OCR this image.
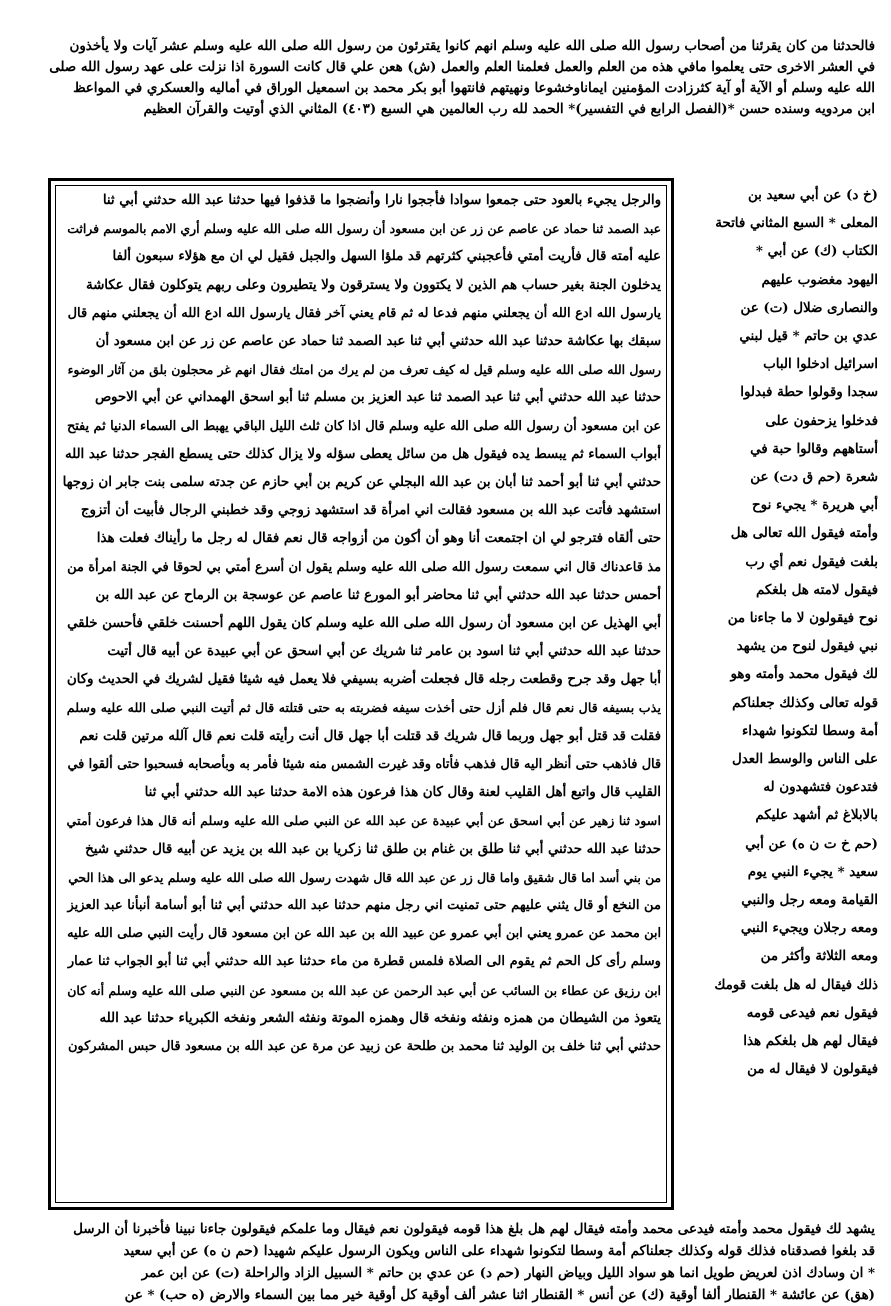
فالحدثنا من كان يقرئنا من أصحاب رسول الله صلى الله عليه وسلم انهم كانوا يقترئون من رسول الله صلى الله عليه وسلم عشر آيات ولا يأخذون
في العشر الاخرى حتى يعلموا مافي هذه من العلم والعمل فعلمنا العلم والعمل (ش) هعن علي قال كانت السورة اذا نزلت على عهد رسول الله صلى
الله عليه وسلم أو الآية أو آية كثرزادت المؤمنين ايماناوخشوعا ونهيتهم فانتهوا أبو بكر محمد بن اسمعيل الوراق في أماليه والعسكري في المواعظ
ابن مردويه وسنده حسن *(الفصل الرابع في التفسير)* الحمد لله رب العالمين هي السبع (٤٠٣) المثاني الذي أوتيت والقرآن العظيم
والرجل يجيء بالعود حتى جمعوا سوادا فأججوا نارا وأنضجوا ما قذفوا فيها حدثنا عبد الله حدثني أبي ثنا
عبد الصمد ثنا حماد عن عاصم عن زر عن ابن مسعود أن رسول الله صلى الله عليه وسلم أري الامم بالموسم فراثت
عليه أمته قال فأريت أمتي فأعجبني كثرتهم قد ملؤا السهل والجبل فقيل لي ان مع هؤلاء سبعون ألفا
يدخلون الجنة بغير حساب هم الذين لا يكتوون ولا يسترقون ولا يتطيرون وعلى ربهم يتوكلون فقال عكاشة
يارسول الله ادع الله أن يجعلني منهم فدعا له ثم قام يعني آخر فقال يارسول الله ادع الله أن يجعلني منهم قال
سبقك بها عكاشة حدثنا عبد الله حدثني أبي ثنا عبد الصمد ثنا حماد عن عاصم عن زر عن ابن مسعود أن
رسول الله صلى الله عليه وسلم قيل له كيف تعرف من لم يرك من امتك فقال انهم غر محجلون بلق من آثار الوضوء
حدثنا عبد الله حدثني أبي ثنا عبد الصمد ثنا عبد العزيز بن مسلم ثنا أبو اسحق الهمداني عن أبي الاحوص
عن ابن مسعود أن رسول الله صلى الله عليه وسلم قال اذا كان ثلث الليل الباقي يهبط الى السماء الدنيا ثم يفتح
أبواب السماء ثم يبسط يده فيقول هل من سائل يعطى سؤله ولا يزال كذلك حتى يسطع الفجر حدثنا عبد الله
حدثني أبي ثنا أبو أحمد ثنا أبان بن عبد الله البجلي عن كريم بن أبي حازم عن جدته سلمى بنت جابر ان زوجها
استشهد فأتت عبد الله بن مسعود فقالت اني امرأة قد استشهد زوجي وقد خطبني الرجال فأبيت أن أتزوج
حتى ألقاه فترجو لي ان اجتمعت أنا وهو أن أكون من أزواجه قال نعم فقال له رجل ما رأيناك فعلت هذا
مذ قاعدناك قال اني سمعت رسول الله صلى الله عليه وسلم يقول ان أسرع أمتي بي لحوقا في الجنة امرأة من
أحمس حدثنا عبد الله حدثني أبي ثنا محاضر أبو المورع ثنا عاصم عن عوسجة بن الرماح عن عبد الله بن
أبي الهذيل عن ابن مسعود أن رسول الله صلى الله عليه وسلم كان يقول اللهم أحسنت خلقي فأحسن خلقي
حدثنا عبد الله حدثني أبي ثنا اسود بن عامر ثنا شريك عن أبي اسحق عن أبي عبيدة عن أبيه قال أتيت
أبا جهل وقد جرح وقطعت رجله قال فجعلت أضربه بسيفي فلا يعمل فيه شيئا فقيل لشريك في الحديث وكان
يذب بسيفه قال نعم قال فلم أزل حتى أخذت سيفه فضربته به حتى قتلته قال ثم أتيت النبي صلى الله عليه وسلم
فقلت قد قتل أبو جهل وربما قال شريك قد قتلت أبا جهل قال أنت رأيته قلت نعم قال آلله مرتين قلت نعم
قال فاذهب حتى أنظر اليه قال فذهب فأتاه وقد غيرت الشمس منه شيئا فأمر به وبأصحابه فسحبوا حتى ألقوا في
القليب قال واتبع أهل القليب لعنة وقال كان هذا فرعون هذه الامة حدثنا عبد الله حدثني أبي ثنا
اسود ثنا زهير عن أبي اسحق عن أبي عبيدة عن عبد الله عن النبي صلى الله عليه وسلم أنه قال هذا فرعون أمتي
حدثنا عبد الله حدثني أبي ثنا طلق بن غنام بن طلق ثنا زكريا بن عبد الله بن يزيد عن أبيه قال حدثني شيخ
من بني أسد اما قال شقيق واما قال زر عن عبد الله قال شهدت رسول الله صلى الله عليه وسلم يدعو الى هذا الحي
من النخع أو قال يثني عليهم حتى تمنيت اني رجل منهم حدثنا عبد الله حدثني أبي ثنا أبو أسامة أنبأنا عبد العزيز
ابن محمد عن عمرو يعني ابن أبي عمرو عن عبيد الله بن عبد الله عن ابن مسعود قال رأيت النبي صلى الله عليه
وسلم رأى كل الحم ثم يقوم الى الصلاة فلمس قطرة من ماء حدثنا عبد الله حدثني أبي ثنا أبو الجواب ثنا عمار
ابن رزيق عن عطاء بن السائب عن أبي عبد الرحمن عن عبد الله بن مسعود عن النبي صلى الله عليه وسلم أنه كان
يتعوذ من الشيطان من همزه ونفثه ونفخه قال وهمزه الموتة ونفثه الشعر ونفخه الكبرياء حدثنا عبد الله
حدثني أبي ثنا خلف بن الوليد ثنا محمد بن طلحة عن زبيد عن مرة عن عبد الله بن مسعود قال حبس المشركون
(خ د) عن أبي سعيد بن
المعلى * السبع المثاني فاتحة
الكتاب (ك) عن أبي *
اليهود مغضوب عليهم
والنصارى ضلال (ت) عن
عدي بن حاتم * قيل لبني
اسرائيل ادخلوا الباب
سجدا وقولوا حطة فبدلوا
فدخلوا يزحفون على
أستاههم وقالوا حبة في
شعرة (حم ق دت) عن
أبي هريرة * يجيء نوح
وأمته فيقول الله تعالى هل
بلغت فيقول نعم أي رب
فيقول لامته هل بلغكم
نوح فيقولون لا ما جاءنا من
نبي فيقول لنوح من يشهد
لك فيقول محمد وأمته وهو
قوله تعالى وكذلك جعلناكم
أمة وسطا لتكونوا شهداء
على الناس والوسط العدل
فتدعون فتشهدون له
بالابلاغ ثم أشهد عليكم
(حم خ ت ن ه) عن أبي
سعيد * يجيء النبي يوم
القيامة ومعه رجل والنبي
ومعه رجلان ويجيء النبي
ومعه الثلاثة وأكثر من
ذلك فيقال له هل بلغت قومك
فيقول نعم فيدعى قومه
فيقال لهم هل بلغكم هذا
فيقولون لا فيقال له من
يشهد لك فيقول محمد وأمته فيدعى محمد وأمته فيقال لهم هل بلغ هذا قومه فيقولون نعم فيقال وما علمكم فيقولون جاءنا نبينا فأخبرنا أن الرسل
قد بلغوا فصدقناه فذلك قوله وكذلك جعلناكم أمة وسطا لتكونوا شهداء على الناس ويكون الرسول عليكم شهيدا (حم ن ه) عن أبي سعيد
* ان وسادك اذن لعريض طويل انما هو سواد الليل وبياض النهار (حم د) عن عدي بن حاتم * السبيل الزاد والراحلة (ت) عن ابن عمر
(هق) عن عائشة * القنطار ألفا أوقية (ك) عن أنس * القنطار اثنا عشر ألف أوقية كل أوقية خير مما بين السماء والارض (ه حب) * عن
